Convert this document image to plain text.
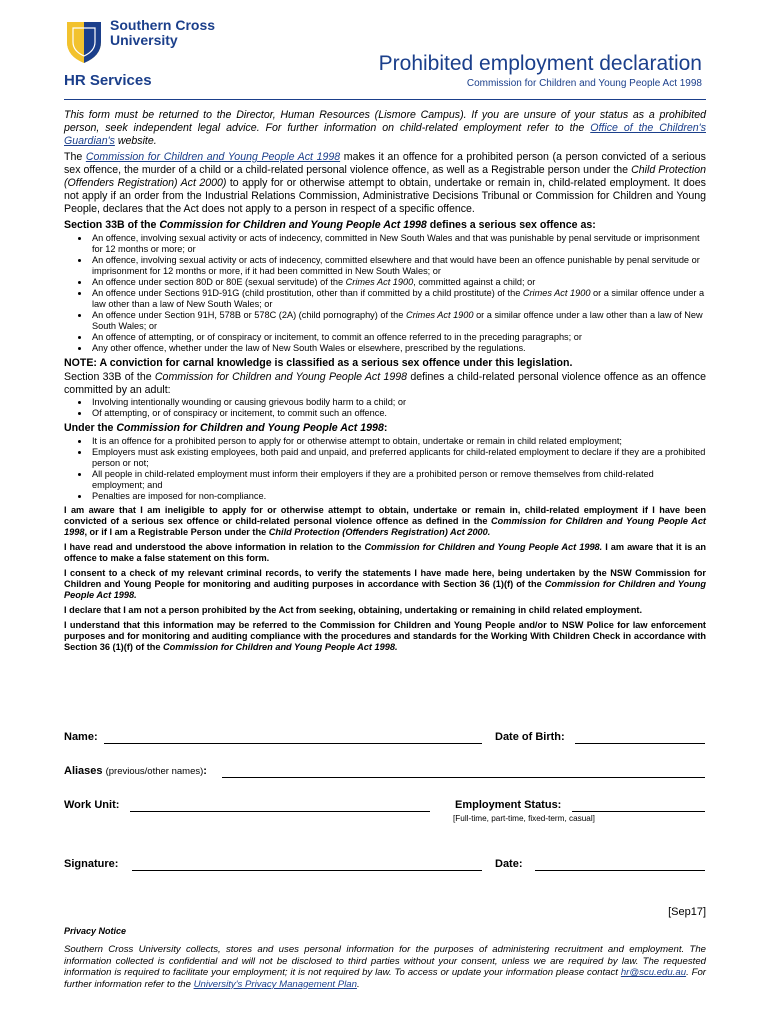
Southern Cross
University
HR Services
Prohibited employment declaration
Commission for Children and Young People Act 1998

This form must be returned to the Director, Human Resources (Lismore Campus). If you are unsure of your status as a prohibited person, seek independent legal advice. For further information on child-related employment refer to the Office of the Children's Guardian's website.

The Commission for Children and Young People Act 1998 makes it an offence for a prohibited person (a person convicted of a serious sex offence, the murder of a child or a child-related personal violence offence, as well as a Registrable person under the Child Protection (Offenders Registration) Act 2000) to apply for or otherwise attempt to obtain, undertake or remain in, child-related employment. It does not apply if an order from the Industrial Relations Commission, Administrative Decisions Tribunal or Commission for Children and Young People, declares that the Act does not apply to a person in respect of a specific offence.

Section 33B of the Commission for Children and Young People Act 1998 defines a serious sex offence as:
• An offence, involving sexual activity or acts of indecency, committed in New South Wales and that was punishable by penal servitude or imprisonment for 12 months or more; or
• An offence, involving sexual activity or acts of indecency, committed elsewhere and that would have been an offence punishable by penal servitude or imprisonment for 12 months or more, if it had been committed in New South Wales; or
• An offence under section 80D or 80E (sexual servitude) of the Crimes Act 1900, committed against a child; or
• An offence under Sections 91D-91G (child prostitution, other than if committed by a child prostitute) of the Crimes Act 1900 or a similar offence under a law other than a law of New South Wales; or
• An offence under Section 91H, 578B or 578C (2A) (child pornography) of the Crimes Act 1900 or a similar offence under a law other than a law of New South Wales; or
• An offence of attempting, or of conspiracy or incitement, to commit an offence referred to in the preceding paragraphs; or
• Any other offence, whether under the law of New South Wales or elsewhere, prescribed by the regulations.
NOTE: A conviction for carnal knowledge is classified as a serious sex offence under this legislation.

Section 33B of the Commission for Children and Young People Act 1998 defines a child-related personal violence offence as an offence committed by an adult:

• Involving intentionally wounding or causing grievous bodily harm to a child; or
• Of attempting, or of conspiracy or incitement, to commit such an offence.
Under the Commission for Children and Young People Act 1998:
• It is an offence for a prohibited person to apply for or otherwise attempt to obtain, undertake or remain in child related employment;
• Employers must ask existing employees, both paid and unpaid, and preferred applicants for child-related employment to declare if they are a prohibited person or not;
• All people in child-related employment must inform their employers if they are a prohibited person or remove themselves from child-related employment; and
• Penalties are imposed for non-compliance.

I am aware that I am ineligible to apply for or otherwise attempt to obtain, undertake or remain in, child-related employment if I have been convicted of a serious sex offence or child-related personal violence offence as defined in the Commission for Children and Young People Act 1998, or if I am a Registrable Person under the Child Protection (Offenders Registration) Act 2000.

I have read and understood the above information in relation to the Commission for Children and Young People Act 1998. I am aware that it is an offence to make a false statement on this form.

I consent to a check of my relevant criminal records, to verify the statements I have made here, being undertaken by the NSW Commission for Children and Young People for monitoring and auditing purposes in accordance with Section 36 (1)(f) of the Commission for Children and Young People Act 1998.

I declare that I am not a person prohibited by the Act from seeking, obtaining, undertaking or remaining in child related employment.

I understand that this information may be referred to the Commission for Children and Young People and/or to NSW Police for law enforcement purposes and for monitoring and auditing compliance with the procedures and standards for the Working With Children Check in accordance with Section 36 (1)(f) of the Commission for Children and Young People Act 1998.

Name:	Date of Birth:
Aliases (previous/other names):
Work Unit:	Employment Status:
[Full-time, part-time, fixed-term, casual]
Signature:	Date:
[Sep17]
Privacy Notice
Southern Cross University collects, stores and uses personal information for the purposes of administering recruitment and employment. The information collected is confidential and will not be disclosed to third parties without your consent, unless we are required by law. The requested information is required to facilitate your employment; it is not required by law. To access or update your information please contact hr@scu.edu.au. For further information refer to the University's Privacy Management Plan.
